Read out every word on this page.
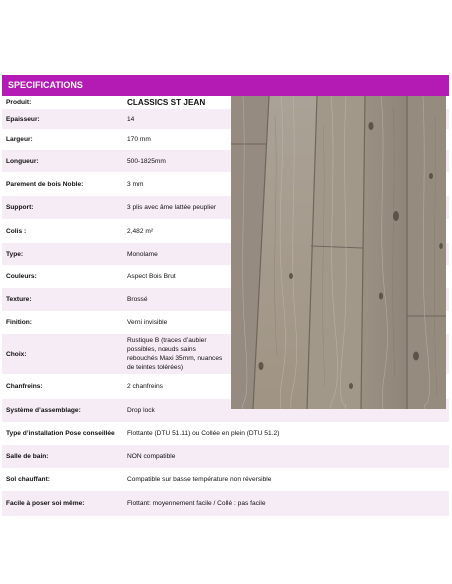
SPECIFICATIONS
Produit:	CLASSICS ST JEAN
Epaisseur:	14
Largeur:	170 mm
Longueur:	500-1825mm
Parement de bois Noble:	3 mm
Support:	3 plis avec âme lattée peuplier
Colis :	2,482 m²
Type:	Monolame
Couleurs:	Aspect Bois Brut
Texture:	Brossé
Finition:	Verni invisible
Choix:
Rustique B (traces d’aubier possibles, nœuds sains rebouchés Maxi 35mm, nuances de teintes tolérées)
Chanfreins:	2 chanfreins
Système d’assemblage:	Drop lock
Type d’installation Pose conseillée	Flottante (DTU 51.11) ou Collée en plein (DTU 51.2)
Salle de bain:	NON compatible
Sol chauffant:	Compatible sur basse température non réversible
Facile à poser soi même:	Flottant: moyennement facile / Collé : pas facile
